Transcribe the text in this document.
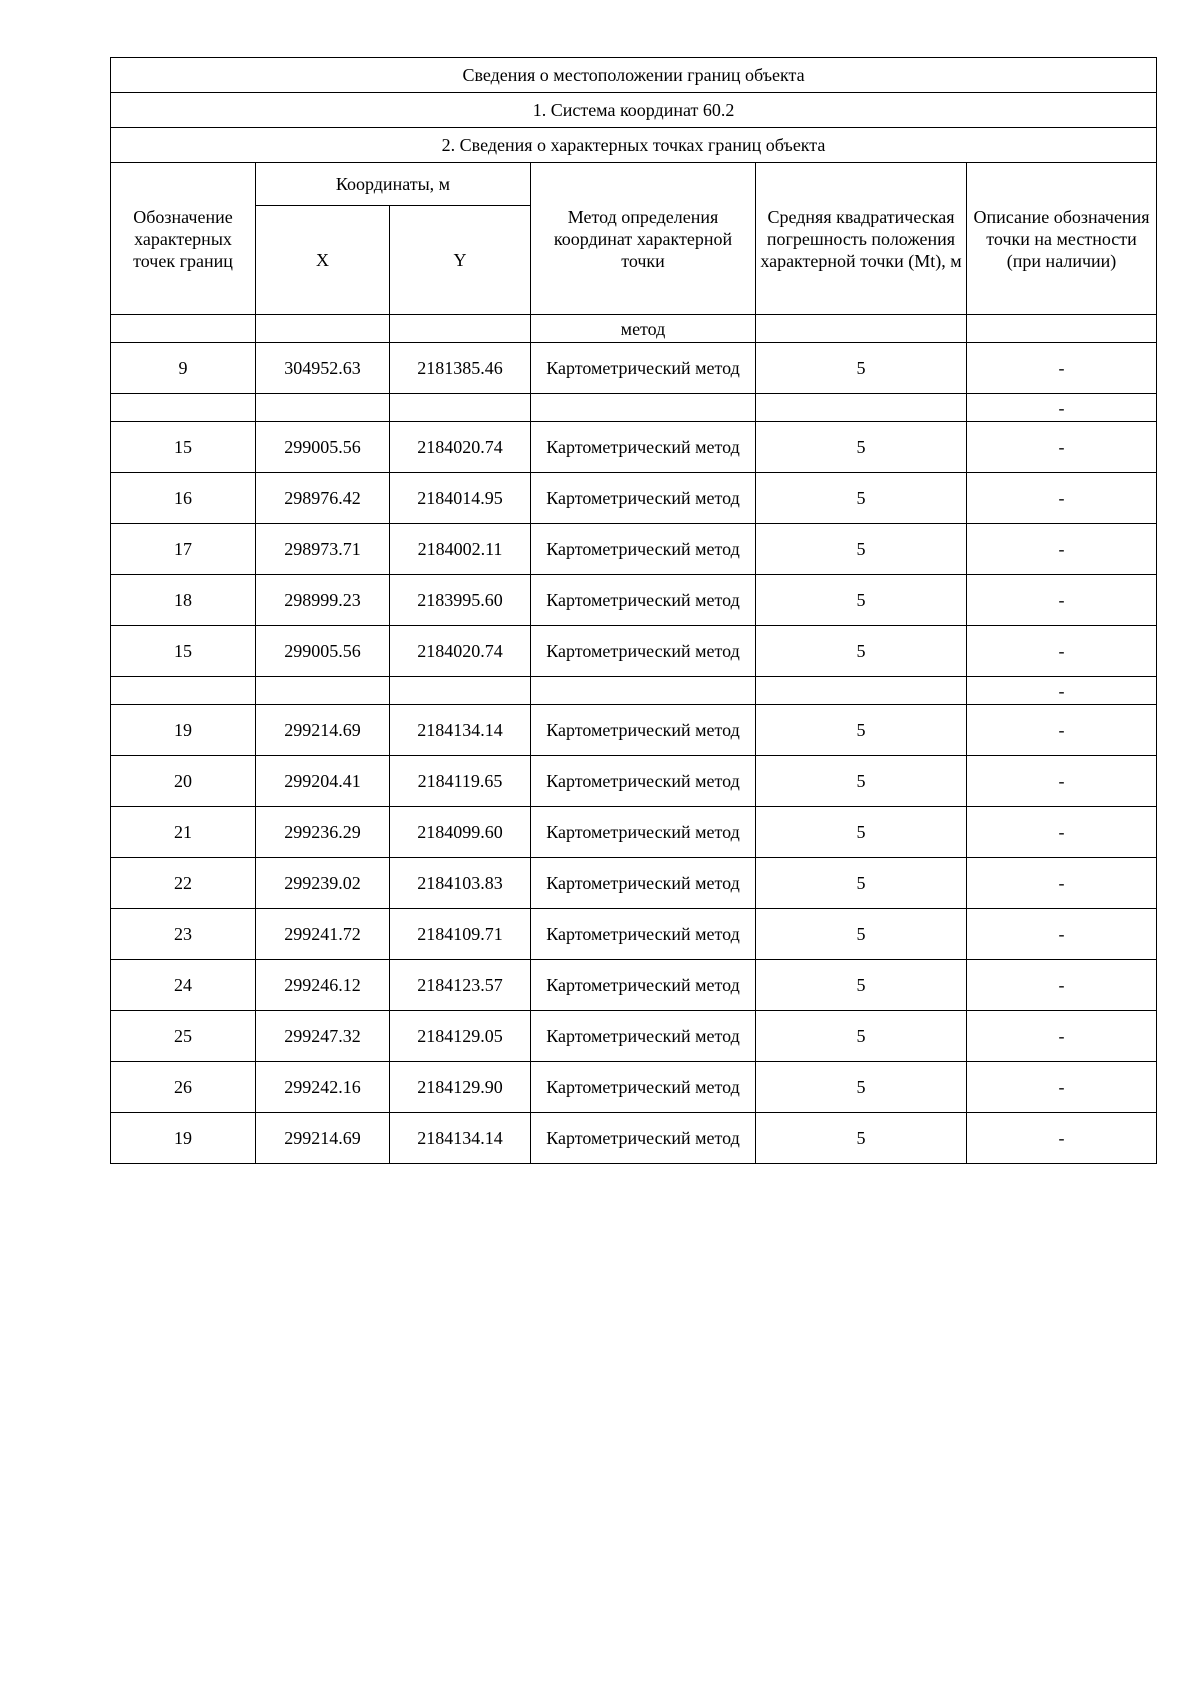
Сведения о местоположении границ объекта					
1. Система координат 60.2					
2. Сведения о характерных точках границ объекта					
Обозначение характерных точек границ	Координаты, м		Метод определения координат характерной точки	Средняя квадратическая погрешность положения характерной точки (Mt), м	Описание обозначения точки на местности (при наличии)
	X	Y			
			метод		
9	304952.63	2181385.46	Картометрический метод	5	-
					-
15	299005.56	2184020.74	Картометрический метод	5	-
16	298976.42	2184014.95	Картометрический метод	5	-
17	298973.71	2184002.11	Картометрический метод	5	-
18	298999.23	2183995.60	Картометрический метод	5	-
15	299005.56	2184020.74	Картометрический метод	5	-
					-
19	299214.69	2184134.14	Картометрический метод	5	-
20	299204.41	2184119.65	Картометрический метод	5	-
21	299236.29	2184099.60	Картометрический метод	5	-
22	299239.02	2184103.83	Картометрический метод	5	-
23	299241.72	2184109.71	Картометрический метод	5	-
24	299246.12	2184123.57	Картометрический метод	5	-
25	299247.32	2184129.05	Картометрический метод	5	-
26	299242.16	2184129.90	Картометрический метод	5	-
19	299214.69	2184134.14	Картометрический метод	5	-
